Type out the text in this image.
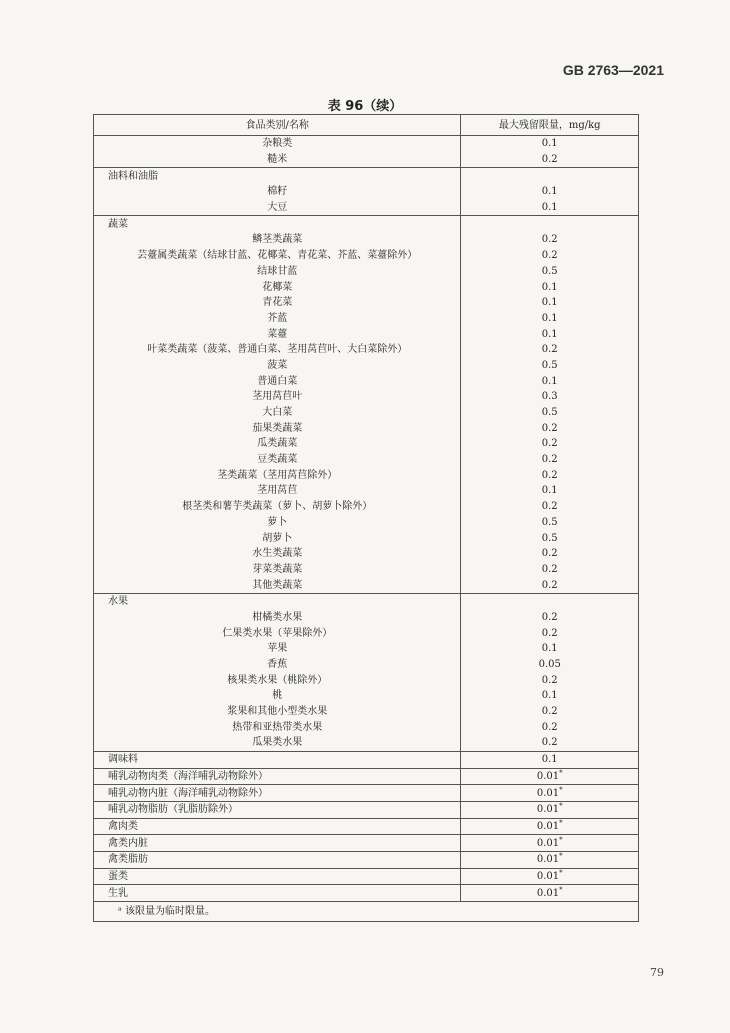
GB 2763—2021
表 96（续）
食品类别/名称	最大残留限量，mg/kg
杂粮类	0.1
糙米	0.2
油料和油脂	
棉籽	0.1
大豆	0.1
蔬菜	
鳞茎类蔬菜	0.2
芸薹属类蔬菜（结球甘蓝、花椰菜、青花菜、芥蓝、菜薹除外）	0.2
结球甘蓝	0.5
花椰菜	0.1
青花菜	0.1
芥蓝	0.1
菜薹	0.1
叶菜类蔬菜（菠菜、普通白菜、茎用莴苣叶、大白菜除外）	0.2
菠菜	0.5
普通白菜	0.1
茎用莴苣叶	0.3
大白菜	0.5
茄果类蔬菜	0.2
瓜类蔬菜	0.2
豆类蔬菜	0.2
茎类蔬菜（茎用莴苣除外）	0.2
茎用莴苣	0.1
根茎类和薯芋类蔬菜（萝卜、胡萝卜除外）	0.2
萝卜	0.5
胡萝卜	0.5
水生类蔬菜	0.2
芽菜类蔬菜	0.2
其他类蔬菜	0.2
水果	
柑橘类水果	0.2
仁果类水果（苹果除外）	0.2
苹果	0.1
香蕉	0.05
核果类水果（桃除外）	0.2
桃	0.1
浆果和其他小型类水果	0.2
热带和亚热带类水果	0.2
瓜果类水果	0.2
调味料	0.1
哺乳动物肉类（海洋哺乳动物除外）	0.01*
哺乳动物内脏（海洋哺乳动物除外）	0.01*
哺乳动物脂肪（乳脂肪除外）	0.01*
禽肉类	0.01*
禽类内脏	0.01*
禽类脂肪	0.01*
蛋类	0.01*
生乳	0.01*
ᵃ 该限量为临时限量。	
79
